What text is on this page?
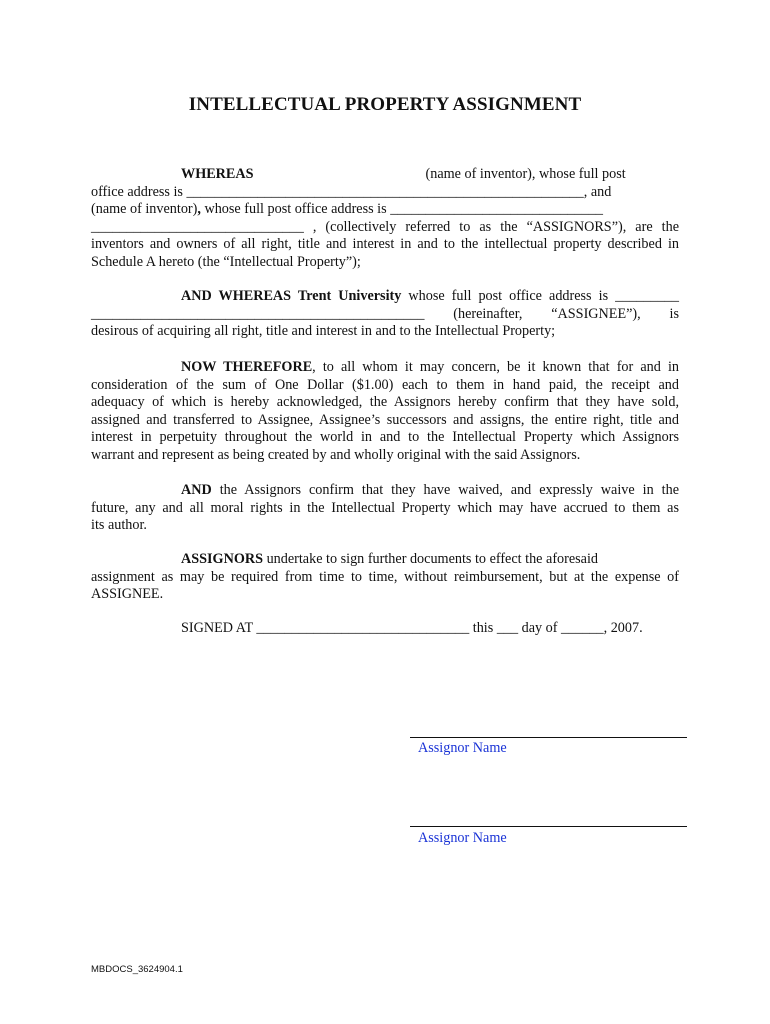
INTELLECTUAL PROPERTY ASSIGNMENT
WHEREAS	(name of inventor), whose full post
office address is ________________________________________________________, and
(name of inventor), whose full post office address is ______________________________
______________________________ , (collectively referred to as the “ASSIGNORS”), are the
inventors and owners of all right, title and interest in and to the intellectual property described in
Schedule A hereto (the “Intellectual Property”);
AND WHEREAS Trent University whose full post office address is _________
_______________________________________________ (hereinafter, “ASSIGNEE”), is
desirous of acquiring all right, title and interest in and to the Intellectual Property;
NOW THEREFORE, to all whom it may concern, be it known that for and in
consideration of the sum of One Dollar ($1.00) each to them in hand paid, the receipt and
adequacy of which is hereby acknowledged, the Assignors hereby confirm that they have sold,
assigned and transferred to Assignee, Assignee’s successors and assigns, the entire right, title and
interest in perpetuity throughout the world in and to the Intellectual Property which Assignors
warrant and represent as being created by and wholly original with the said Assignors.
AND the Assignors confirm that they have waived, and expressly waive in the
future, any and all moral rights in the Intellectual Property which may have accrued to them as
its author.
ASSIGNORS undertake to sign further documents to effect the aforesaid
assignment as may be required from time to time, without reimbursement, but at the expense of
ASSIGNEE.
SIGNED AT ______________________________ this ___ day of ______, 2007.
Assignor Name
Assignor Name
MBDOCS_3624904.1
